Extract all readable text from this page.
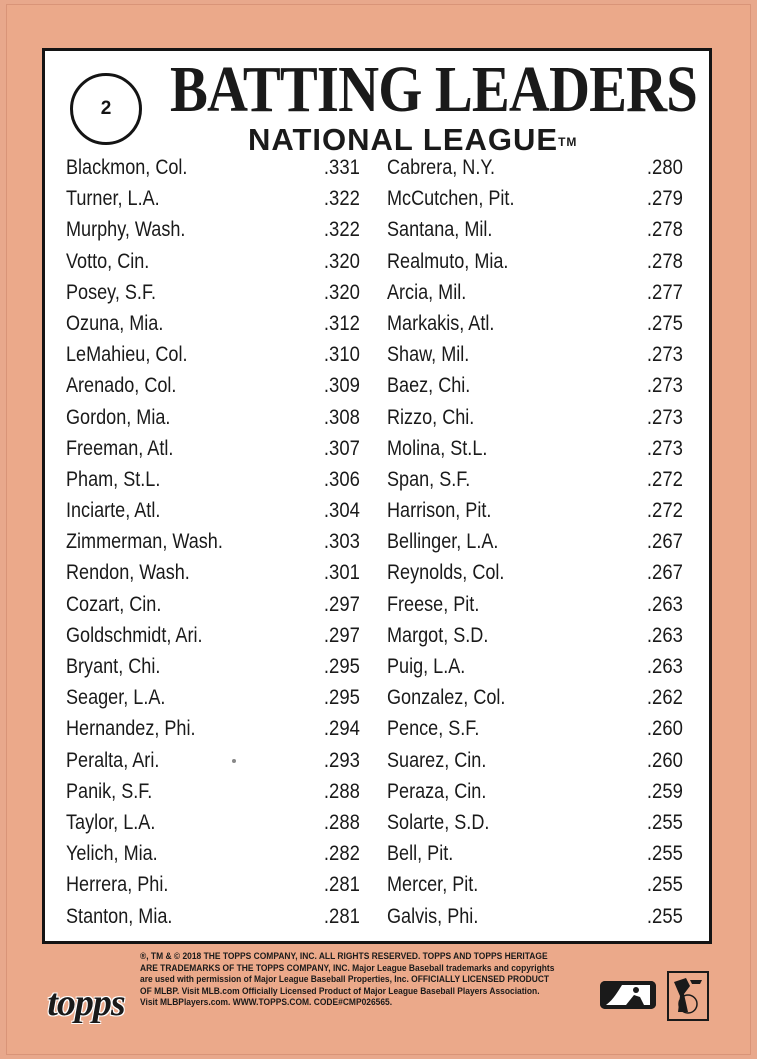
2 BATTING LEADERS
NATIONAL LEAGUE™
Blackmon, Col.	.331
Turner, L.A.	.322
Murphy, Wash.	.322
Votto, Cin.	.320
Posey, S.F.	.320
Ozuna, Mia.	.312
LeMahieu, Col.	.310
Arenado, Col.	.309
Gordon, Mia.	.308
Freeman, Atl.	.307
Pham, St.L.	.306
Inciarte, Atl.	.304
Zimmerman, Wash.	.303
Rendon, Wash.	.301
Cozart, Cin.	.297
Goldschmidt, Ari.	.297
Bryant, Chi.	.295
Seager, L.A.	.295
Hernandez, Phi.	.294
Peralta, Ari.	.293
Panik, S.F.	.288
Taylor, L.A.	.288
Yelich, Mia.	.282
Herrera, Phi.	.281
Stanton, Mia.	.281
Cabrera, N.Y.	.280
McCutchen, Pit.	.279
Santana, Mil.	.278
Realmuto, Mia.	.278
Arcia, Mil.	.277
Markakis, Atl.	.275
Shaw, Mil.	.273
Baez, Chi.	.273
Rizzo, Chi.	.273
Molina, St.L.	.273
Span, S.F.	.272
Harrison, Pit.	.272
Bellinger, L.A.	.267
Reynolds, Col.	.267
Freese, Pit.	.263
Margot, S.D.	.263
Puig, L.A.	.263
Gonzalez, Col.	.262
Pence, S.F.	.260
Suarez, Cin.	.260
Peraza, Cin.	.259
Solarte, S.D.	.255
Bell, Pit.	.255
Mercer, Pit.	.255
Galvis, Phi.	.255
topps
®, TM & © 2018 THE TOPPS COMPANY, INC. ALL RIGHTS RESERVED. TOPPS AND TOPPS HERITAGE
ARE TRADEMARKS OF THE TOPPS COMPANY, INC. Major League Baseball trademarks and copyrights
are used with permission of Major League Baseball Properties, Inc. OFFICIALLY LICENSED PRODUCT
OF MLBP. Visit MLB.com Officially Licensed Product of Major League Baseball Players Association.
Visit MLBPlayers.com. WWW.TOPPS.COM. CODE#CMP026565.
